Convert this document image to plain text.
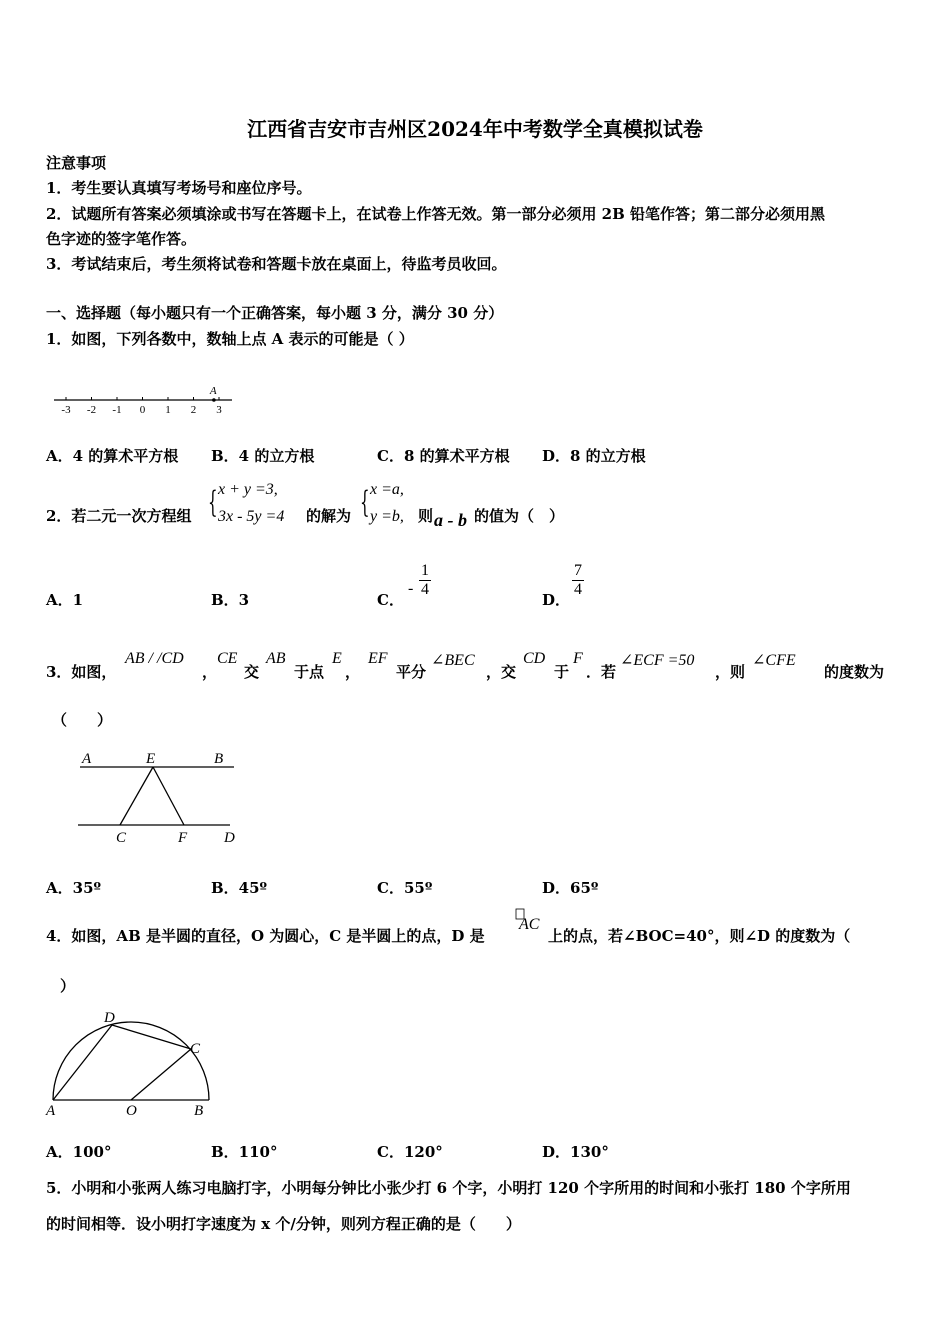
江西省吉安市吉州区2024年中考数学全真模拟试卷
注意事项
1．考生要认真填写考场号和座位序号。
2．试题所有答案必须填涂或书写在答题卡上，在试卷上作答无效。第一部分必须用 2B 铅笔作答；第二部分必须用黑
色字迹的签字笔作答。
3．考试结束后，考生须将试卷和答题卡放在桌面上，待监考员收回。
一、选择题（每小题只有一个正确答案，每小题 3 分，满分 30 分）
1．如图，下列各数中，数轴上点 A 表示的可能是（ ）
-3 -2 -1 0 1 2 3
A
A．4 的算术平方根 B．4 的立方根	C．8 的算术平方根 D．8 的立方根
2．若二元一次方程组 { x + y =3,
3x - 5y =4 的解为 { x =a,
y =b, 则 a - b 的值为（　）
A．1	B．3	C．
- $\frac{1}{4}$
D．
$\frac{7}{4}$
3．如图，
AB / /CD
，
CE
交
AB
于点
E
，
EF
平分
∠BEC
，交
CD
于
F
．若
∠ECF =50
，则
∠CFE
的度数为
（　　）
A	E	B
C	F D
A．35º	B．45º	C．55º	D．65º
4．如图，AB 是半圆的直径，O 为圆心，C 是半圆上的点，D 是
AC
上的点，若∠BOC=40°，则∠D 的度数为（
）
D
C
A	O	B
A．100°	B．110°	C．120°	D．130°
5．小明和小张两人练习电脑打字，小明每分钟比小张少打 6 个字，小明打 120 个字所用的时间和小张打 180 个字所用
的时间相等．设小明打字速度为 x 个/分钟，则列方程正确的是（　　）
